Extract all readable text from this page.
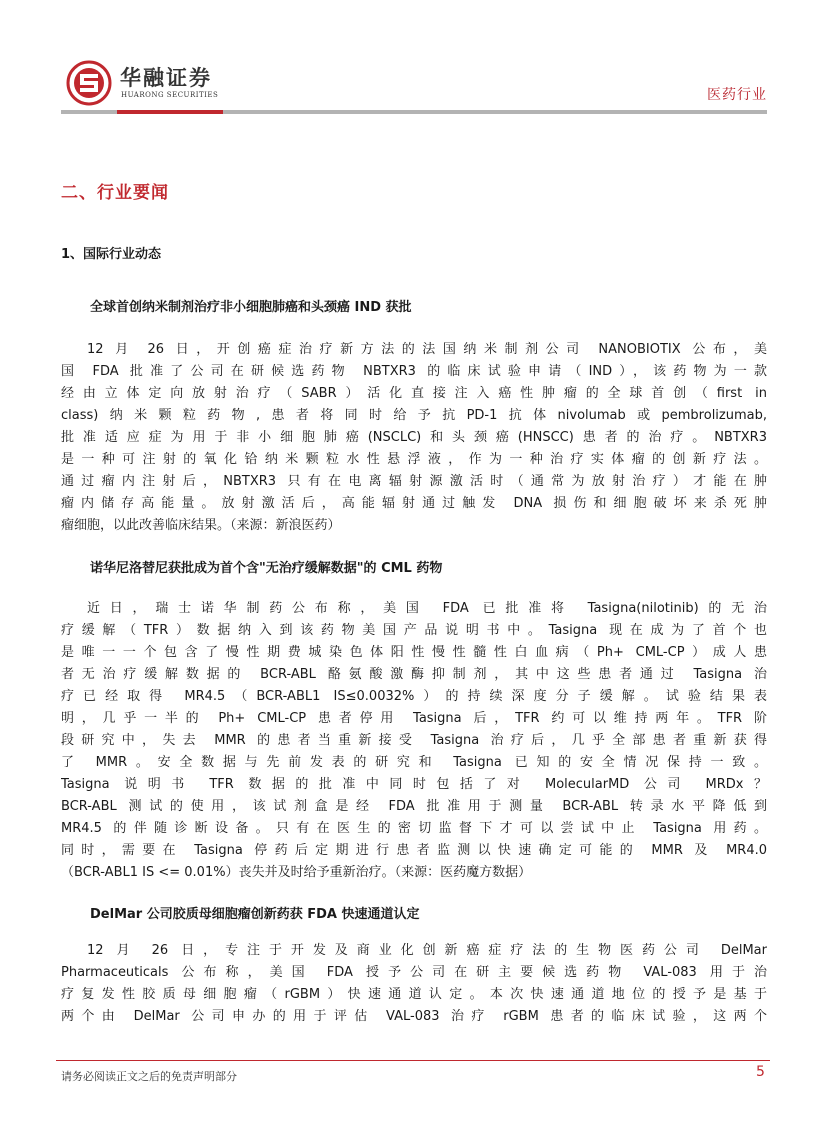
华融证券
HUARONG SECURITIES	医药行业
二、行业要闻
1、国际行业动态
全球首创纳米制剂治疗非小细胞肺癌和头颈癌 IND 获批
12 月 26 日，开创癌症治疗新方法的法国纳米制剂公司 NANOBIOTIX 公布，美
国 FDA 批准了公司在研候选药物 NBTXR3 的临床试验申请（IND），该药物为一款
经由立体定向放射治疗（SABR）活化直接注入癌性肿瘤的全球首创（first in
class)纳米颗粒药物,患者将同时给予抗PD-1抗体nivolumab或pembrolizumab,
批准适应症为用于非小细胞肺癌(NSCLC)和头颈癌(HNSCC)患者的治疗。NBTXR3
是一种可注射的氧化铪纳米颗粒水性悬浮液，作为一种治疗实体瘤的创新疗法。
通过瘤内注射后，NBTXR3 只有在电离辐射源激活时（通常为放射治疗）才能在肿
瘤内储存高能量。放射激活后，高能辐射通过触发 DNA 损伤和细胞破坏来杀死肿
瘤细胞，以此改善临床结果。（来源：新浪医药）
诺华尼洛替尼获批成为首个含"无治疗缓解数据"的 CML 药物
近日，瑞士诺华制药公布称，美国 FDA 已批准将 Tasigna(nilotinib)的无治
疗缓解（TFR）数据纳入到该药物美国产品说明书中。Tasigna 现在成为了首个也
是唯一一个包含了慢性期费城染色体阳性慢性髓性白血病（Ph+ CML-CP）成人患
者无治疗缓解数据的 BCR-ABL 酪氨酸激酶抑制剂，其中这些患者通过 Tasigna 治
疗已经取得 MR4.5（BCR-ABL1 IS≤0.0032%）的持续深度分子缓解。试验结果表
明，几乎一半的 Ph+ CML-CP 患者停用 Tasigna 后，TFR 约可以维持两年。TFR 阶
段研究中，失去 MMR 的患者当重新接受 Tasigna 治疗后，几乎全部患者重新获得
了 MMR。安全数据与先前发表的研究和 Tasigna 已知的安全情况保持一致。
Tasigna 说明书 TFR 数据的批准中同时包括了对 MolecularMD 公司 MRDx？
BCR-ABL 测试的使用，该试剂盒是经 FDA 批准用于测量 BCR-ABL 转录水平降低到
MR4.5 的伴随诊断设备。只有在医生的密切监督下才可以尝试中止 Tasigna 用药。
同时，需要在 Tasigna 停药后定期进行患者监测以快速确定可能的 MMR 及 MR4.0
（BCR-ABL1 IS <= 0.01%）丧失并及时给予重新治疗。（来源：医药魔方数据）
DelMar 公司胶质母细胞瘤创新药获 FDA 快速通道认定
12 月 26 日，专注于开发及商业化创新癌症疗法的生物医药公司 DelMar
Pharmaceuticals 公布称，美国 FDA 授予公司在研主要候选药物 VAL-083 用于治
疗复发性胶质母细胞瘤（rGBM）快速通道认定。本次快速通道地位的授予是基于
两个由 DelMar 公司申办的用于评估 VAL-083 治疗 rGBM 患者的临床试验，这两个
请务必阅读正文之后的免责声明部分	5
